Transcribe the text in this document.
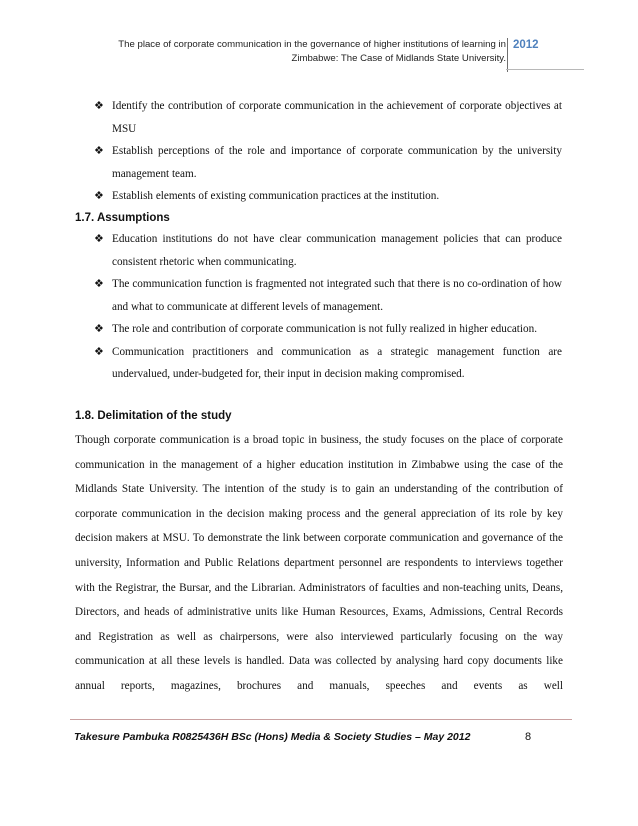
The place of corporate communication in the governance of higher institutions of learning in
Zimbabwe: The Case of Midlands State University.
2012
❖ Identify the contribution of corporate communication in the achievement of corporate objectives at MSU
❖ Establish perceptions of the role and importance of corporate communication by the university management team.
❖ Establish elements of existing communication practices at the institution.
1.7. Assumptions
❖ Education institutions do not have clear communication management policies that can produce consistent rhetoric when communicating.
❖ The communication function is fragmented not integrated such that there is no co-ordination of how and what to communicate at different levels of management.
❖ The role and contribution of corporate communication is not fully realized in higher education.
❖ Communication practitioners and communication as a strategic management function are undervalued, under-budgeted for, their input in decision making compromised.
1.8. Delimitation of the study

Though corporate communication is a broad topic in business, the study focuses on the place of corporate communication in the management of a higher education institution in Zimbabwe using the case of the Midlands State University. The intention of the study is to gain an understanding of the contribution of corporate communication in the decision making process and the general appreciation of its role by key decision makers at MSU. To demonstrate the link between corporate communication and governance of the university, Information and Public Relations department personnel are respondents to interviews together with the Registrar, the Bursar, and the Librarian. Administrators of faculties and non-teaching units, Deans, Directors, and heads of administrative units like Human Resources, Exams, Admissions, Central Records and Registration as well as chairpersons, were also interviewed particularly focusing on the way communication at all these levels is handled. Data was collected by analysing hard copy documents like annual reports, magazines, brochures and manuals, speeches and events as well

Takesure Pambuka R0825436H BSc (Hons) Media & Society Studies – May 2012	8
